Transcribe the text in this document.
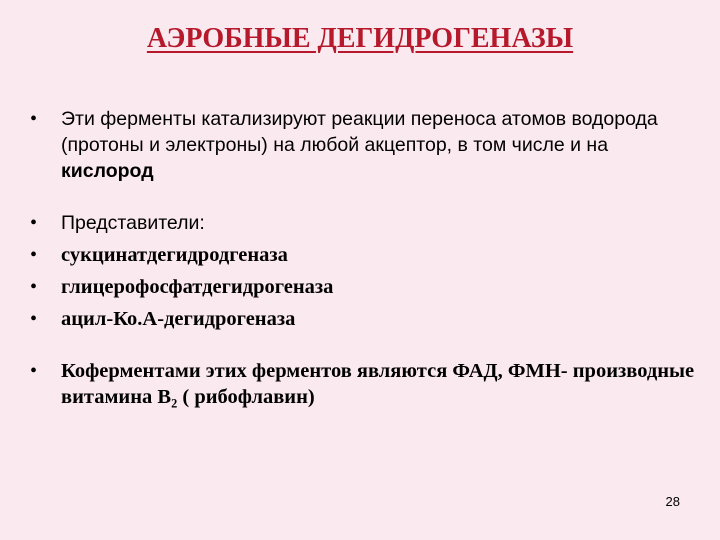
АЭРОБНЫЕ ДЕГИДРОГЕНАЗЫ
• Эти ферменты катализируют реакции переноса атомов водорода (протоны и электроны) на любой акцептор, в том числе и на кислород
• Представители:
• сукцинатдегидродгеназа
• глицерофосфатдегидрогеназа
• ацил-Ко.А-дегидрогеназа
• Коферментами этих ферментов являются ФАД, ФМН- производные витамина $В_2$ ( рибофлавин)
28
